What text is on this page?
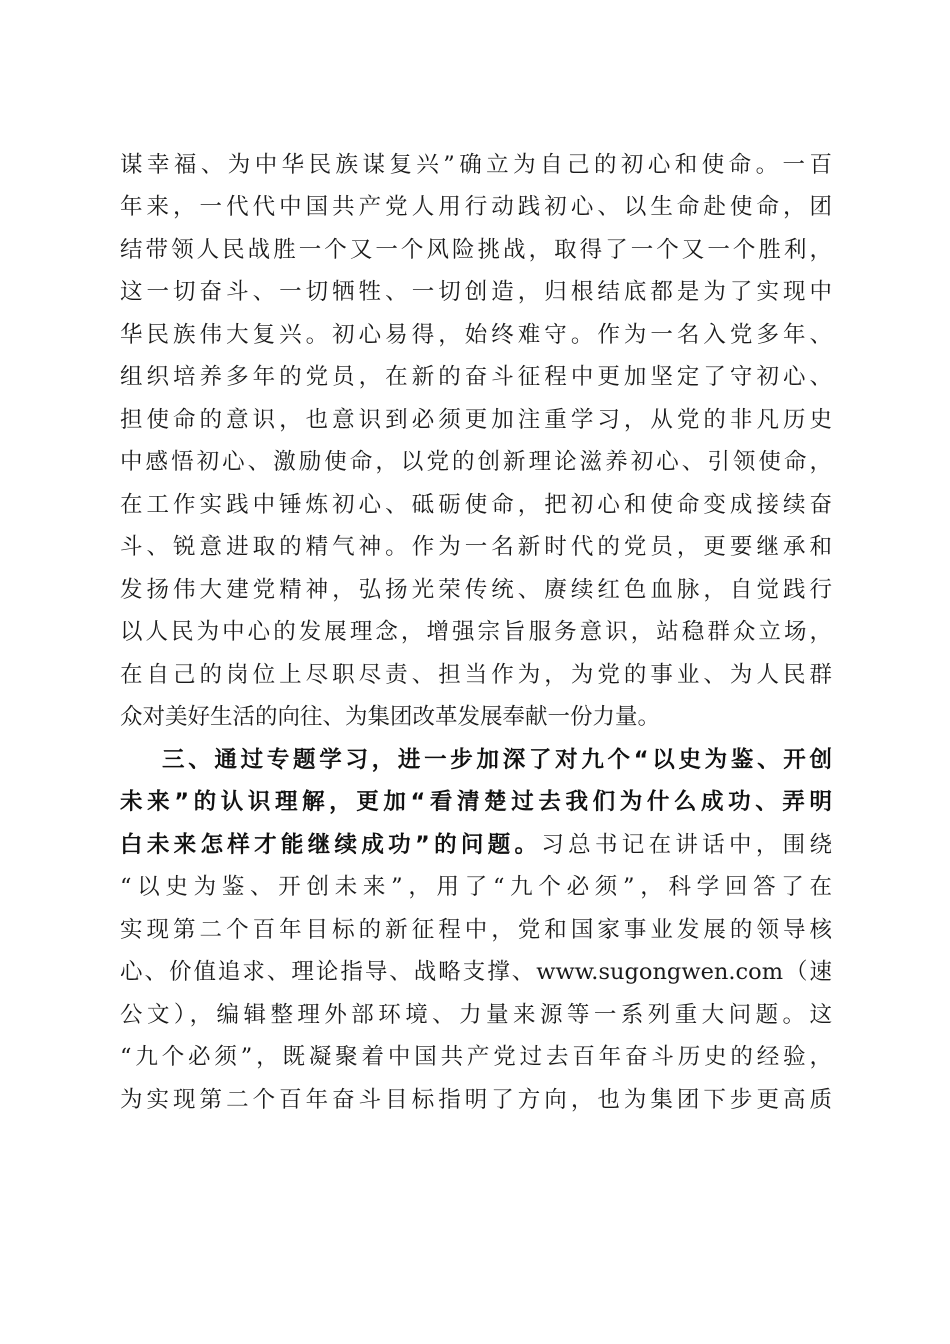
谋幸福、为中华民族谋复兴”确立为自己的初心和使命。一百
年来，一代代中国共产党人用行动践初心、以生命赴使命，团
结带领人民战胜一个又一个风险挑战，取得了一个又一个胜利，
这一切奋斗、一切牺牲、一切创造，归根结底都是为了实现中
华民族伟大复兴。初心易得，始终难守。作为一名入党多年、
组织培养多年的党员，在新的奋斗征程中更加坚定了守初心、
担使命的意识，也意识到必须更加注重学习，从党的非凡历史
中感悟初心、激励使命，以党的创新理论滋养初心、引领使命，
在工作实践中锤炼初心、砥砺使命，把初心和使命变成接续奋
斗、锐意进取的精气神。作为一名新时代的党员，更要继承和
发扬伟大建党精神，弘扬光荣传统、赓续红色血脉，自觉践行
以人民为中心的发展理念，增强宗旨服务意识，站稳群众立场，
在自己的岗位上尽职尽责、担当作为，为党的事业、为人民群
众对美好生活的向往、为集团改革发展奉献一份力量。
三、通过专题学习，进一步加深了对九个“以史为鉴、开创
未来”的认识理解，更加“看清楚过去我们为什么成功、弄明
白未来怎样才能继续成功”的问题。习总书记在讲话中，围绕
“以史为鉴、开创未来”，用了“九个必须”，科学回答了在
实现第二个百年目标的新征程中，党和国家事业发展的领导核
心、价值追求、理论指导、战略支撑、www.sugongwen.com（速
公文），编辑整理外部环境、力量来源等一系列重大问题。这
“九个必须”，既凝聚着中国共产党过去百年奋斗历史的经验，
为实现第二个百年奋斗目标指明了方向，也为集团下步更高质
